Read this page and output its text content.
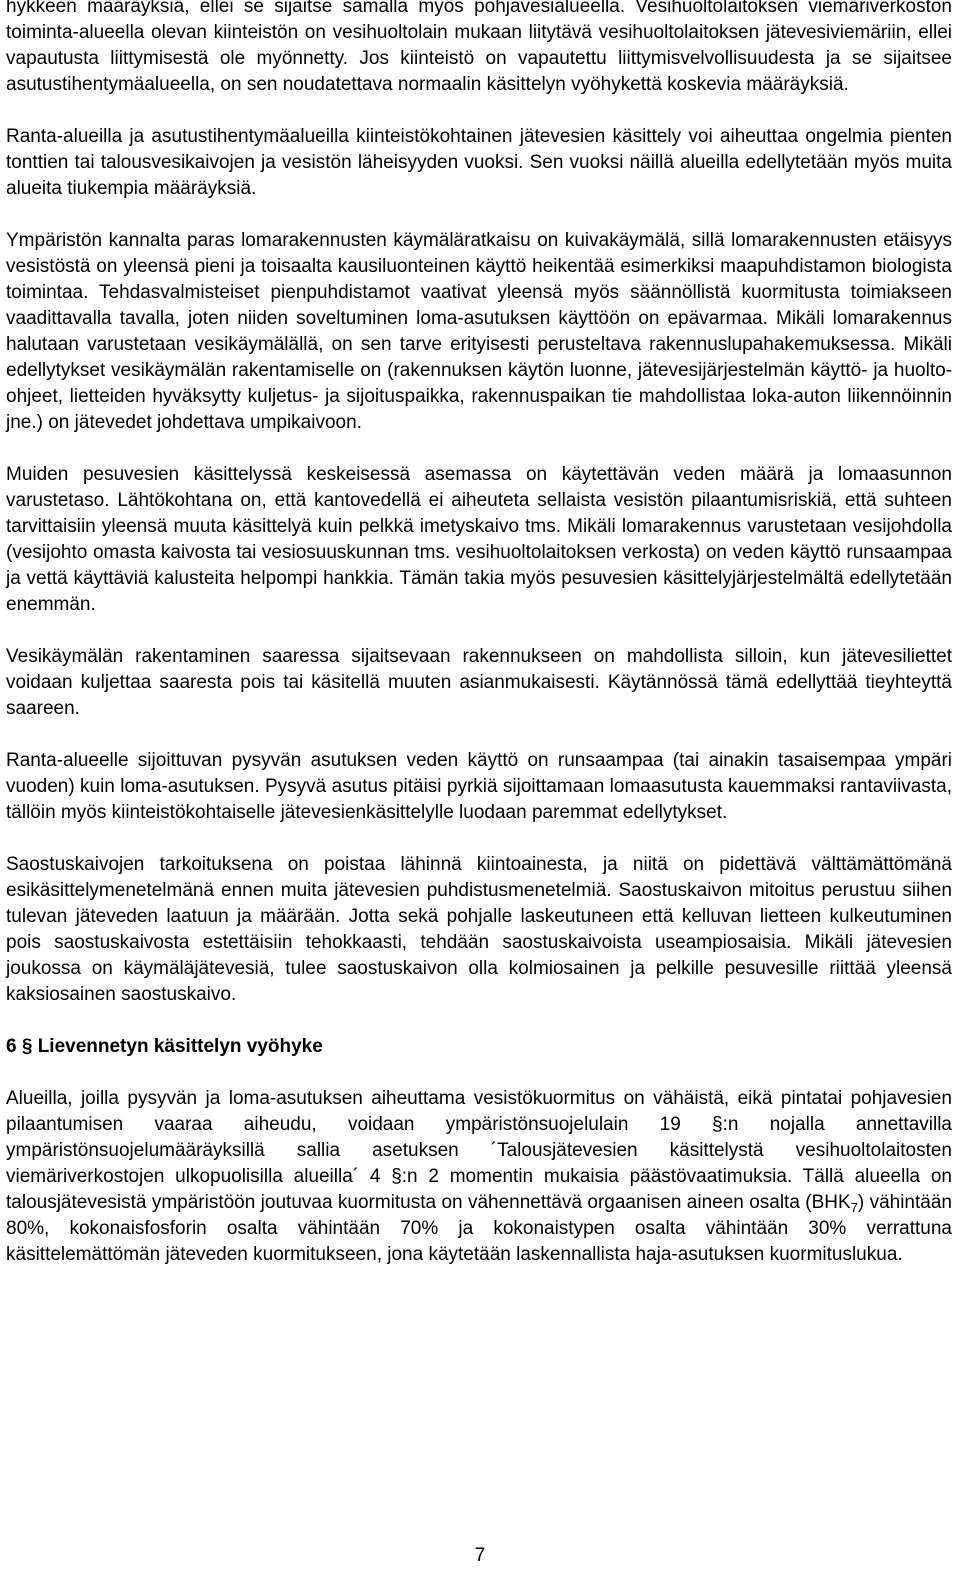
hykkeen määräyksiä, ellei se sijaitse samalla myös pohjavesialueella. Vesihuoltolaitoksen viemäriverkoston toiminta-alueella olevan kiinteistön on vesihuoltolain mukaan liitytävä vesihuoltolaitoksen jätevesiviemäriin, ellei vapautusta liittymisestä ole myönnetty. Jos kiinteistö on vapautettu liittymisvelvollisuudesta ja se sijaitsee asutustihentymäalueella, on sen noudatettava normaalin käsittelyn vyöhykettä koskevia määräyksiä.

Ranta-alueilla ja asutustihentymäalueilla kiinteistökohtainen jätevesien käsittely voi aiheuttaa ongelmia pienten tonttien tai talousvesikaivojen ja vesistön läheisyyden vuoksi. Sen vuoksi näillä alueilla edellytetään myös muita alueita tiukempia määräyksiä.

Ympäristön kannalta paras lomarakennusten käymäläratkaisu on kuivakäymälä, sillä lomarakennusten etäisyys vesistöstä on yleensä pieni ja toisaalta kausiluonteinen käyttö heikentää esimerkiksi maapuhdistamon biologista toimintaa. Tehdasvalmisteiset pienpuhdistamot vaativat yleensä myös säännöllistä kuormitusta toimiakseen vaadittavalla tavalla, joten niiden soveltuminen loma-asutuksen käyttöön on epävarmaa. Mikäli lomarakennus halutaan varustetaan vesikäymälällä, on sen tarve erityisesti perusteltava rakennuslupahakemuksessa. Mikäli edellytykset vesikäymälän rakentamiselle on (rakennuksen käytön luonne, jätevesijärjestelmän käyttö- ja huolto-ohjeet, lietteiden hyväksytty kuljetus- ja sijoituspaikka, rakennuspaikan tie mahdollistaa loka-auton liikennöinnin jne.) on jätevedet johdettava umpikaivoon.

Muiden pesuvesien käsittelyssä keskeisessä asemassa on käytettävän veden määrä ja lomaasunnon varustetaso. Lähtökohtana on, että kantovedellä ei aiheuteta sellaista vesistön pilaantumisriskiä, että suhteen tarvittaisiin yleensä muuta käsittelyä kuin pelkkä imetyskaivo tms. Mikäli lomarakennus varustetaan vesijohdolla (vesijohto omasta kaivosta tai vesiosuuskunnan tms. vesihuoltolaitoksen verkosta) on veden käyttö runsaampaa ja vettä käyttäviä kalusteita helpompi hankkia. Tämän takia myös pesuvesien käsittelyjärjestelmältä edellytetään enemmän.

Vesikäymälän rakentaminen saaressa sijaitsevaan rakennukseen on mahdollista silloin, kun jätevesiliettet voidaan kuljettaa saaresta pois tai käsitellä muuten asianmukaisesti. Käytännössä tämä edellyttää tieyhteyttä saareen.

Ranta-alueelle sijoittuvan pysyvän asutuksen veden käyttö on runsaampaa (tai ainakin tasaisempaa ympäri vuoden) kuin loma-asutuksen. Pysyvä asutus pitäisi pyrkiä sijoittamaan lomaasutusta kauemmaksi rantaviivasta, tällöin myös kiinteistökohtaiselle jätevesienkäsittelylle luodaan paremmat edellytykset.

Saostuskaivojen tarkoituksena on poistaa lähinnä kiintoainesta, ja niitä on pidettävä välttämättömänä esikäsittelymenetelmänä ennen muita jätevesien puhdistusmenetelmiä. Saostuskaivon mitoitus perustuu siihen tulevan jäteveden laatuun ja määrään. Jotta sekä pohjalle laskeutuneen että kelluvan lietteen kulkeutuminen pois saostuskaivosta estettäisiin tehokkaasti, tehdään saostuskaivoista useampiosaisia. Mikäli jätevesien joukossa on käymäläjätevesiä, tulee saostuskaivon olla kolmiosainen ja pelkille pesuvesille riittää yleensä kaksiosainen saostuskaivo.

6 § Lievennetyn käsittelyn vyöhyke

Alueilla, joilla pysyvän ja loma-asutuksen aiheuttama vesistökuormitus on vähäistä, eikä pintatai pohjavesien pilaantumisen vaaraa aiheudu, voidaan ympäristönsuojelulain 19 §:n nojalla annettavilla ympäristönsuojelumääräyksillä sallia asetuksen ´Talousjätevesien käsittelystä vesihuoltolaitosten viemäriverkostojen ulkopuolisilla alueilla´ 4 §:n 2 momentin mukaisia päästövaatimuksia. Tällä alueella on talousjätevesistä ympäristöön joutuvaa kuormitusta on vähennettävä orgaanisen aineen osalta $(BHK_7)$ vähintään 80%, kokonaisfosforin osalta vähintään 70% ja kokonaistypen osalta vähintään 30% verrattuna käsittelemättömän jäteveden kuormitukseen, jona käytetään laskennallista haja-asutuksen kuormituslukua.

7
